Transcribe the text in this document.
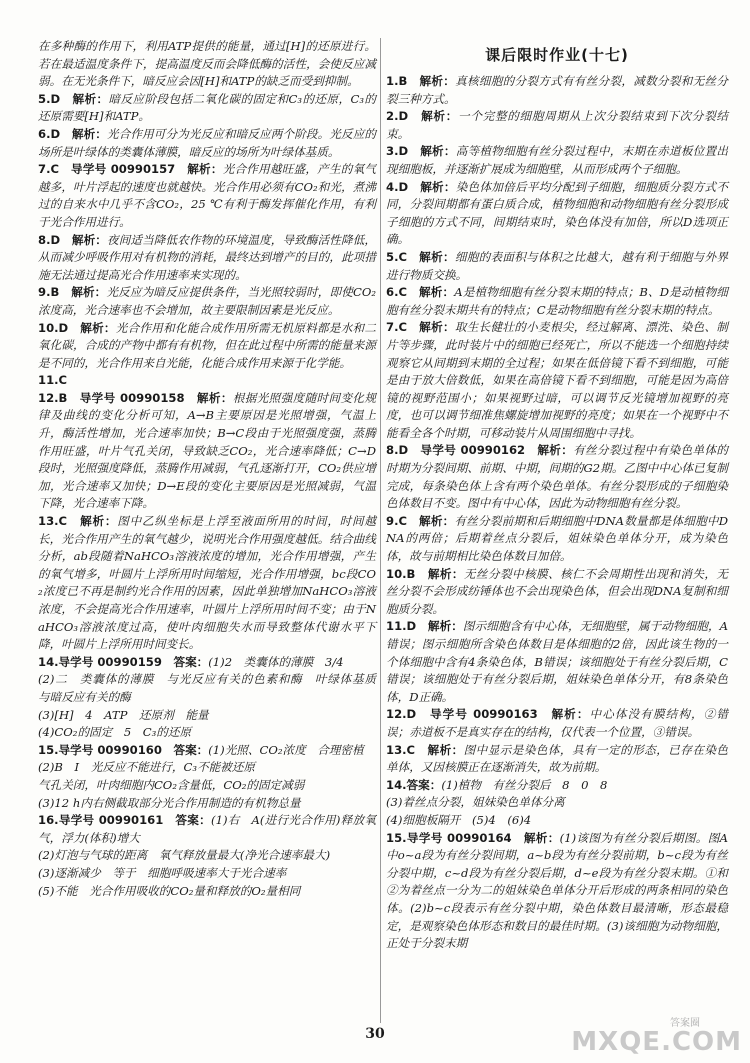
在多种酶的作用下，利用ATP提供的能量，通过[H]的还原进行。若在最适温度条件下，提高温度反而会降低酶的活性，会使反应减弱。在无光条件下，暗反应会因[H]和ATP的缺乏而受到抑制。

5.D　解析：暗反应阶段包括二氧化碳的固定和C₃的还原，C₃的还原需要[H]和ATP。

6.D　解析：光合作用可分为光反应和暗反应两个阶段。光反应的场所是叶绿体的类囊体薄膜，暗反应的场所为叶绿体基质。

7.C　导学号 00990157　解析：光合作用越旺盛，产生的氧气越多，叶片浮起的速度也就越快。光合作用必须有CO₂和光，煮沸过的自来水中几乎不含CO₂，25 ℃有利于酶发挥催化作用，有利于光合作用进行。

8.D　解析：夜间适当降低农作物的环境温度，导致酶活性降低，从而减少呼吸作用对有机物的消耗，最终达到增产的目的，此项措施无法通过提高光合作用速率来实现的。

9.B　解析：光反应为暗反应提供条件，当光照较弱时，即使CO₂浓度高，光合速率也不会增加，故主要限制因素是光反应。

10.D　解析：光合作用和化能合成作用所需无机原料都是水和二氧化碳，合成的产物中都有有机物，但在此过程中所需的能量来源是不同的，光合作用来自光能，化能合成作用来源于化学能。

11.C

12.B　导学号 00990158　解析：根据光照强度随时间变化规律及曲线的变化分析可知，A→B主要原因是光照增强，气温上升，酶活性增加，光合速率加快；B→C段由于光照强度强，蒸腾作用旺盛，叶片气孔关闭，导致缺乏CO₂，光合速率降低；C→D段时，光照强度降低，蒸腾作用减弱，气孔逐渐打开，CO₂供应增加，光合速率又加快；D→E段的变化主要原因是光照减弱，气温下降，光合速率下降。

13.C　解析：图中乙纵坐标是上浮至液面所用的时间，时间越长，光合作用产生的氧气越少，说明光合作用强度越低。结合曲线分析，ab段随着NaHCO₃溶液浓度的增加，光合作用增强，产生的氧气增多，叶圆片上浮所用时间缩短，光合作用增强，bc段CO₂浓度已不再是制约光合作用的因素，因此单独增加NaHCO₃溶液浓度，不会提高光合作用速率，叶圆片上浮所用时间不变；由于NaHCO₃溶液浓度过高，使叶肉细胞失水而导致整体代谢水平下降，叶圆片上浮所用时间变长。

14.导学号 00990159　答案：(1)2　类囊体的薄膜　3/4
(2)二　类囊体的薄膜　与光反应有关的色素和酶　叶绿体基质　与暗反应有关的酶
(3)[H]　4　ATP　还原剂　能量
(4)CO₂的固定　5　C₃的还原

15.导学号 00990160　答案：(1)光照、CO₂浓度　合理密植
(2)B　Ⅰ　光反应不能进行，C₃不能被还原
气孔关闭，叶肉细胞内CO₂含量低，CO₂的固定减弱
(3)12 h内右侧截取部分光合作用制造的有机物总量

16.导学号 00990161　答案：(1)右　A(进行光合作用)释放氧气，浮力(体积)增大
(2)灯泡与气球的距离　氧气释放量最大(净光合速率最大)
(3)逐渐减少　等于　细胞呼吸速率大于光合速率
(5)不能　光合作用吸收的CO₂量和释放的O₂量相同

课后限时作业(十七)

1.B　解析：真核细胞的分裂方式有有丝分裂，减数分裂和无丝分裂三种方式。

2.D　解析：一个完整的细胞周期从上次分裂结束到下次分裂结束。

3.D　解析：高等植物细胞有丝分裂过程中，末期在赤道板位置出现细胞板，并逐渐扩展成为细胞壁，从而形成两个子细胞。

4.D　解析：染色体加倍后平均分配到子细胞，细胞质分裂方式不同，分裂间期都有蛋白质合成，植物细胞和动物细胞有丝分裂形成子细胞的方式不同，间期结束时，染色体没有加倍，所以D选项正确。

5.C　解析：细胞的表面积与体积之比越大，越有利于细胞与外界进行物质交换。

6.C　解析：A是植物细胞有丝分裂末期的特点；B、D是动植物细胞有丝分裂末期共有的特点；C是动物细胞有丝分裂末期的特点。

7.C　解析：取生长健壮的小麦根尖，经过解离、漂洗、染色、制片等步骤，此时装片中的细胞已经死亡，所以不能选一个细胞持续观察它从间期到末期的全过程；如果在低倍镜下看不到细胞，可能是由于放大倍数低，如果在高倍镜下看不到细胞，可能是因为高倍镜的视野范围小；如果视野过暗，可以调节反光镜增加视野的亮度，也可以调节细准焦螺旋增加视野的亮度；如果在一个视野中不能看全各个时期，可移动装片从周围细胞中寻找。

8.D　导学号 00990162　解析：有丝分裂过程中有染色单体的时期为分裂间期、前期、中期，间期的G2期。乙图中中心体已复制完成，每条染色体上含有两个染色单体。有丝分裂形成的子细胞染色体数目不变。图中有中心体，因此为动物细胞有丝分裂。

9.C　解析：有丝分裂前期和后期细胞中DNA数量都是体细胞中DNA的两倍；后期着丝点分裂后，姐妹染色单体分开，成为染色体，故与前期相比染色体数目加倍。

10.B　解析：无丝分裂中核膜、核仁不会周期性出现和消失，无丝分裂不会形成纺锤体也不会出现染色体，但会出现DNA复制和细胞质分裂。

11.D　解析：图示细胞含有中心体，无细胞壁，属于动物细胞，A错误；图示细胞所含染色体数目是体细胞的2倍，因此该生物的一个体细胞中含有4条染色体，B错误；该细胞处于有丝分裂后期，C错误；该细胞处于有丝分裂后期，姐妹染色单体分开，有8条染色体，D正确。

12.D　导学号 00990163　解析：中心体没有膜结构，②错误；赤道板不是真实存在的结构，仅代表一个位置，③错误。

13.C　解析：图中显示是染色体，具有一定的形态，已存在染色单体，又因核膜正在逐渐消失，故为前期。

14.答案：(1)植物　有丝分裂后　8　0　8
(3)着丝点分裂，姐妹染色单体分离
(4)细胞板隔开　(5)4　(6)4

15.导学号 00990164　解析：(1)该图为有丝分裂后期图。图A中o~a段为有丝分裂间期，a~b段为有丝分裂前期，b~c段为有丝分裂中期，c~d段为有丝分裂后期，d~e段为有丝分裂末期。①和②为着丝点一分为二的姐妹染色单体分开后形成的两条相同的染色体。(2)b~c段表示有丝分裂中期，染色体数目最清晰，形态最稳定，是观察染色体形态和数目的最佳时期。(3)该细胞为动物细胞，正处于分裂末期

30
答案圈
MXQE.COM
